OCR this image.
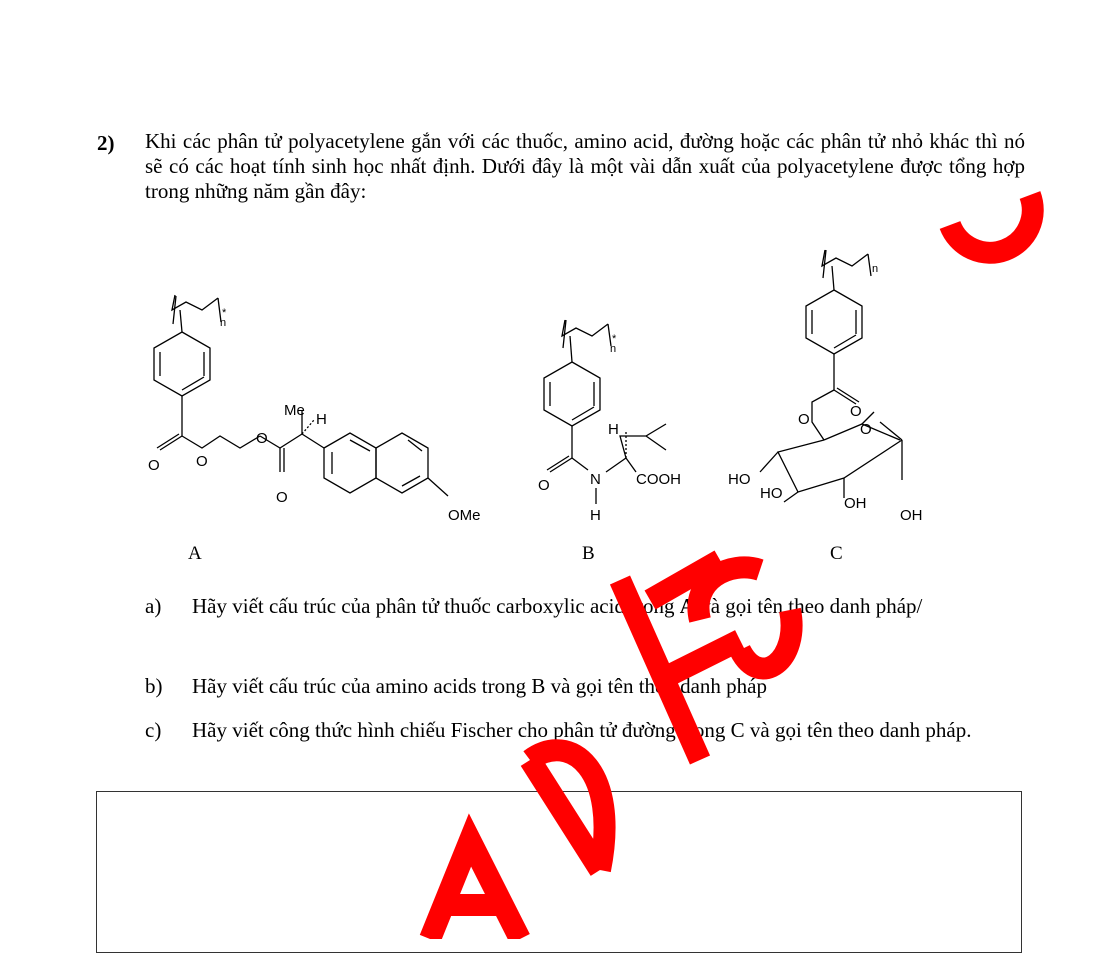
2) Khi các phân tử polyacetylene gắn với các thuốc, amino acid, đường hoặc các phân tử nhỏ khác thì nó sẽ có các hoạt tính sinh học nhất định. Dưới đây là một vài dẫn xuất của polyacetylene được tổng hợp trong những năm gần đây:
n
*
O O
O
O
Me
H
OMe
n
*
O	N
H
H
COOH
n
O
O
O
HO
HO
OH
OH
A	B	C
a) Hãy viết cấu trúc của phân tử thuốc carboxylic acid trong A và gọi tên theo danh pháp/
b) Hãy viết cấu trúc của amino acids trong B và gọi tên theo danh pháp
c) Hãy viết công thức hình chiếu Fischer cho phân tử đường trong C và gọi tên theo danh pháp.
